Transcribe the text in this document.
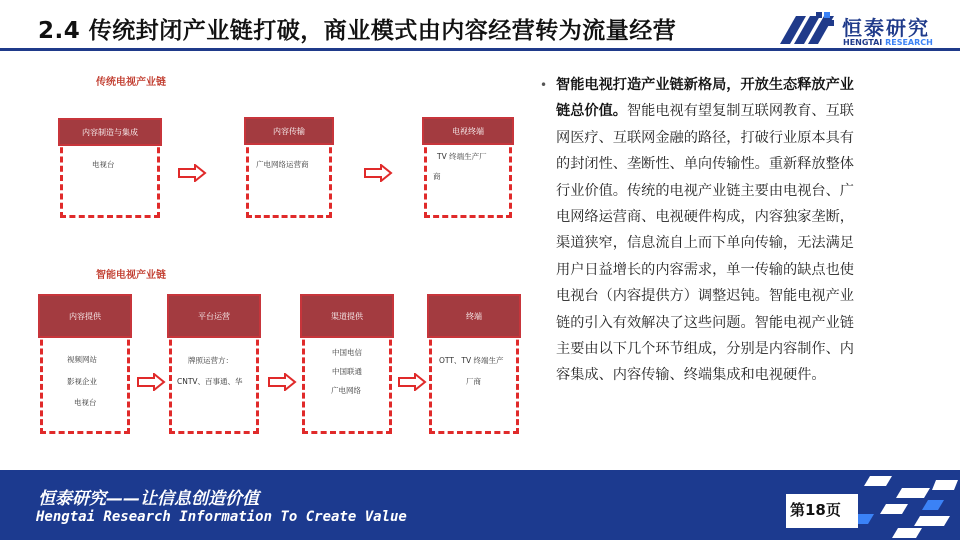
2.4 传统封闭产业链打破，商业模式由内容经营转为流量经营	恒泰研究
HENGTAI RESEARCH
传统电视产业链
内容制造与集成
电视台
内容传输
广电网络运营商
电视终端
TV 终端生产厂
商
智能电视产业链
内容提供
视频网站
影视企业
电视台
平台运营
牌照运营方：
CNTV、百事通、华
渠道提供
中国电信
中国联通
广电网络
终端
OTT、TV 终端生产
厂商
• 智能电视打造产业链新格局，开放生态释放产业
链总价值。智能电视有望复制互联网教育、互联
网医疗、互联网金融的路径，打破行业原本具有
的封闭性、垄断性、单向传输性。重新释放整体
行业价值。传统的电视产业链主要由电视台、广
电网络运营商、电视硬件构成，内容独家垄断，
渠道狭窄，信息流自上而下单向传输，无法满足
用户日益增长的内容需求，单一传输的缺点也使
电视台（内容提供方）调整迟钝。智能电视产业
链的引入有效解决了这些问题。智能电视产业链
主要由以下几个环节组成，分别是内容制作、内
容集成、内容传输、终端集成和电视硬件。
恒泰研究——让信息创造价值
Hengtai Research Information To Create Value	第18页
